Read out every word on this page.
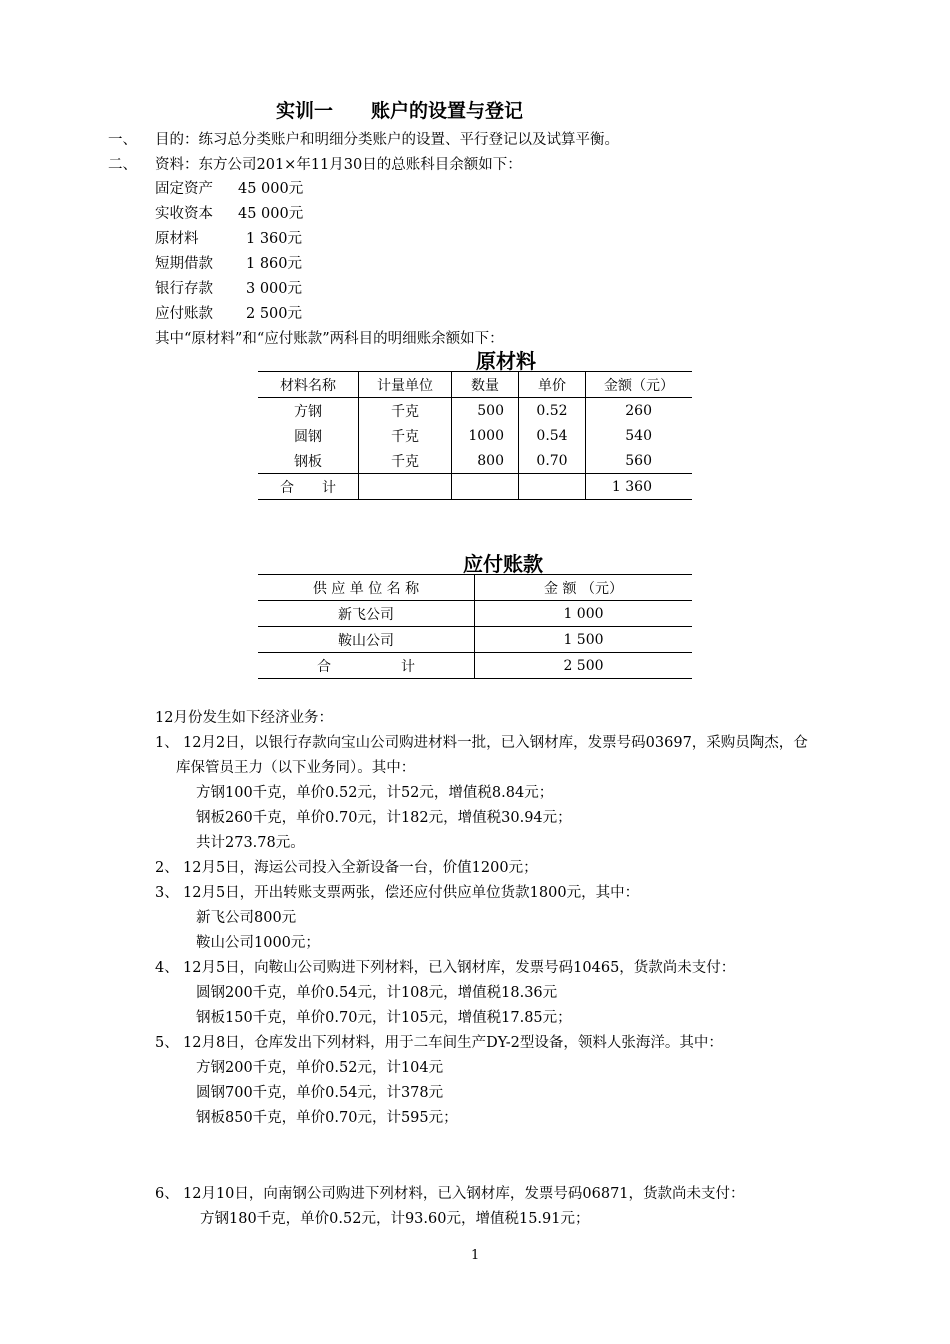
实训一　　账户的设置与登记
一、 目的：练习总分类账户和明细分类账户的设置、平行登记以及试算平衡。
二、 资料：东方公司201×年11月30日的总账科目余额如下：
固定资产 45 000元
实收资本 45 000元
原材料	1 360元
短期借款 1 860元
银行存款 3 000元
应付账款 2 500元
其中“原材料”和“应付账款”两科目的明细账余额如下：
原材料
材料名称	计量单位	数量	单价	金额（元）
方钢	千克	500	0.52	260
圆钢	千克	1000	0.54	540
钢板	千克	800	0.70	560
合　　计				1 360
应付账款
供 应 单 位 名 称	金 额 （元）
新飞公司	1 000
鞍山公司	1 500
合　　　　　计	2 500
12月份发生如下经济业务：
1、 12月2日，以银行存款向宝山公司购进材料一批，已入钢材库，发票号码03697，采购员陶杰，仓
库保管员王力（以下业务同）。其中：
方钢100千克，单价0.52元，计52元，增值税8.84元；
钢板260千克，单价0.70元，计182元，增值税30.94元；
共计273.78元。
2、 12月5日，海运公司投入全新设备一台，价值1200元；
3、 12月5日，开出转账支票两张，偿还应付供应单位货款1800元，其中：
新飞公司800元
鞍山公司1000元；
4、 12月5日，向鞍山公司购进下列材料，已入钢材库，发票号码10465，货款尚未支付：
圆钢200千克，单价0.54元，计108元，增值税18.36元
钢板150千克，单价0.70元，计105元，增值税17.85元；
5、 12月8日，仓库发出下列材料，用于二车间生产DY-2型设备，领料人张海洋。其中：
方钢200千克，单价0.52元，计104元
圆钢700千克，单价0.54元，计378元
钢板850千克，单价0.70元，计595元；
6、 12月10日，向南钢公司购进下列材料，已入钢材库，发票号码06871，货款尚未支付：
方钢180千克，单价0.52元，计93.60元，增值税15.91元；
1
